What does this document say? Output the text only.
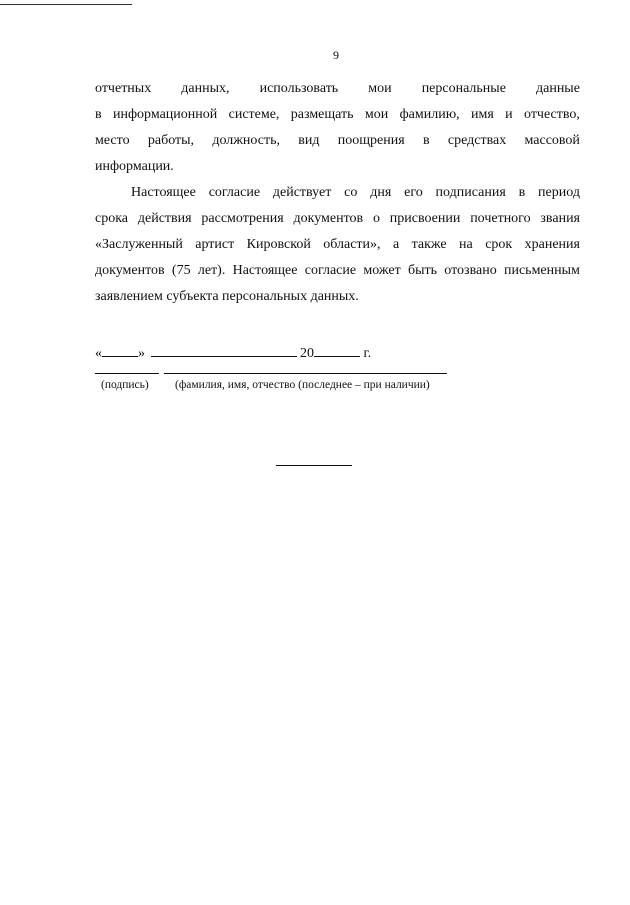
9
отчетных данных, использовать мои персональные данные
в информационной системе, размещать мои фамилию, имя и отчество,
место работы, должность, вид поощрения в средствах массовой
информации.
Настоящее согласие действует со дня его подписания в период
срока действия рассмотрения документов о присвоении почетного звания
«Заслуженный артист Кировской области», а также на срок хранения
документов (75 лет). Настоящее согласие может быть отозвано письменным
заявлением субъекта персональных данных.
«	»	20	г.
(подпись) (фамилия, имя, отчество (последнее – при наличии)
